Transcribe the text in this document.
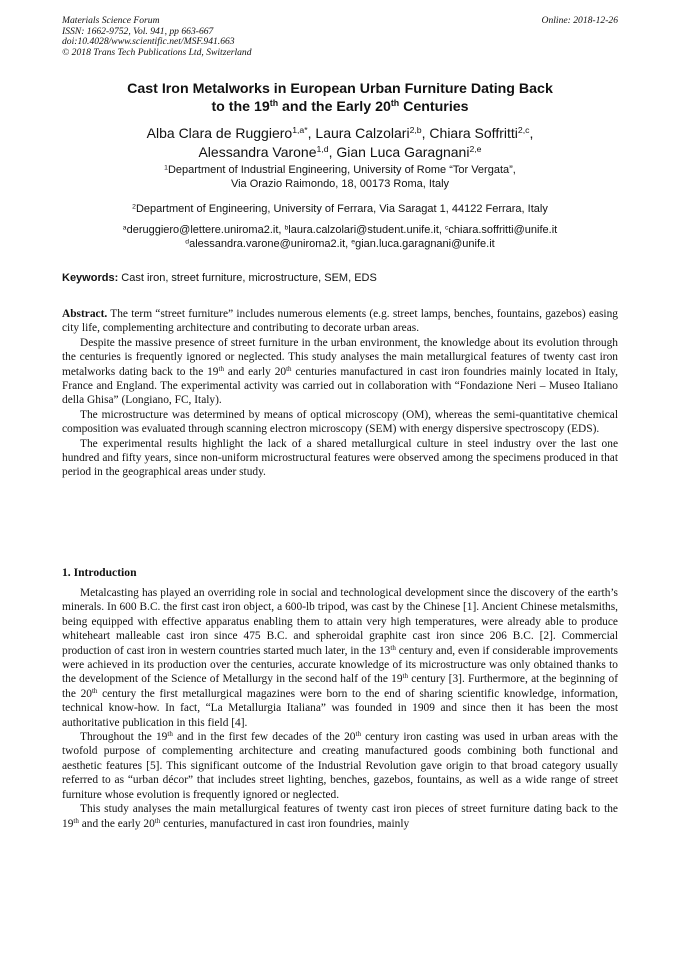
Materials Science Forum	Online: 2018-12-26
ISSN: 1662-9752, Vol. 941, pp 663-667
doi:10.4028/www.scientific.net/MSF.941.663
© 2018 Trans Tech Publications Ltd, Switzerland
Cast Iron Metalworks in European Urban Furniture Dating Back
to the 19th and the Early 20th Centuries
Alba Clara de Ruggiero$^{1,a*}$, Laura Calzolari$^{2,b}$, Chiara Soffritti$^{2,c}$,
Alessandra Varone$^{1,d}$, Gian Luca Garagnani$^{2,e}$
$^1$Department of Industrial Engineering, University of Rome “Tor Vergata”,
Via Orazio Raimondo, 18, 00173 Roma, Italy
$^2$Department of Engineering, University of Ferrara, Via Saragat 1, 44122 Ferrara, Italy
$^a$deruggiero@lettere.uniroma2.it, $^b$laura.calzolari@student.unife.it, $^c$chiara.soffritti@unife.it
$^d$alessandra.varone@uniroma2.it, $^e$gian.luca.garagnani@unife.it
Keywords: Cast iron, street furniture, microstructure, SEM, EDS

Abstract. The term “street furniture” includes numerous elements (e.g. street lamps, benches, fountains, gazebos) easing city life, complementing architecture and contributing to decorate urban areas.

Despite the massive presence of street furniture in the urban environment, the knowledge about its evolution through the centuries is frequently ignored or neglected. This study analyses the main metallurgical features of twenty cast iron metalworks dating back to the 19th and early 20th centuries manufactured in cast iron foundries mainly located in Italy, France and England. The experimental activity was carried out in collaboration with “Fondazione Neri – Museo Italiano della Ghisa” (Longiano, FC, Italy).

The microstructure was determined by means of optical microscopy (OM), whereas the semi-quantitative chemical composition was evaluated through scanning electron microscopy (SEM) with energy dispersive spectroscopy (EDS).

The experimental results highlight the lack of a shared metallurgical culture in steel industry over the last one hundred and fifty years, since non-uniform microstructural features were observed among the specimens produced in that period in the geographical areas under study.

1. Introduction

Metalcasting has played an overriding role in social and technological development since the discovery of the earth’s minerals. In 600 B.C. the first cast iron object, a 600-lb tripod, was cast by the Chinese [1]. Ancient Chinese metalsmiths, being equipped with effective apparatus enabling them to attain very high temperatures, were already able to produce whiteheart malleable cast iron since 475 B.C. and spheroidal graphite cast iron since 206 B.C. [2]. Commercial production of cast iron in western countries started much later, in the 13th century and, even if considerable improvements were achieved in its production over the centuries, accurate knowledge of its microstructure was only obtained thanks to the development of the Science of Metallurgy in the second half of the 19th century [3]. Furthermore, at the beginning of the 20th century the first metallurgical magazines were born to the end of sharing scientific knowledge, information, technical know-how. In fact, “La Metallurgia Italiana” was founded in 1909 and since then it has been the most authoritative publication in this field [4].

Throughout the 19th and in the first few decades of the 20th century iron casting was used in urban areas with the twofold purpose of complementing architecture and creating manufactured goods combining both functional and aesthetic features [5]. This significant outcome of the Industrial Revolution gave origin to that broad category usually referred to as “urban décor” that includes street lighting, benches, gazebos, fountains, as well as a wide range of street furniture whose evolution is frequently ignored or neglected.

This study analyses the main metallurgical features of twenty cast iron pieces of street furniture dating back to the 19th and the early 20th centuries, manufactured in cast iron foundries, mainly
